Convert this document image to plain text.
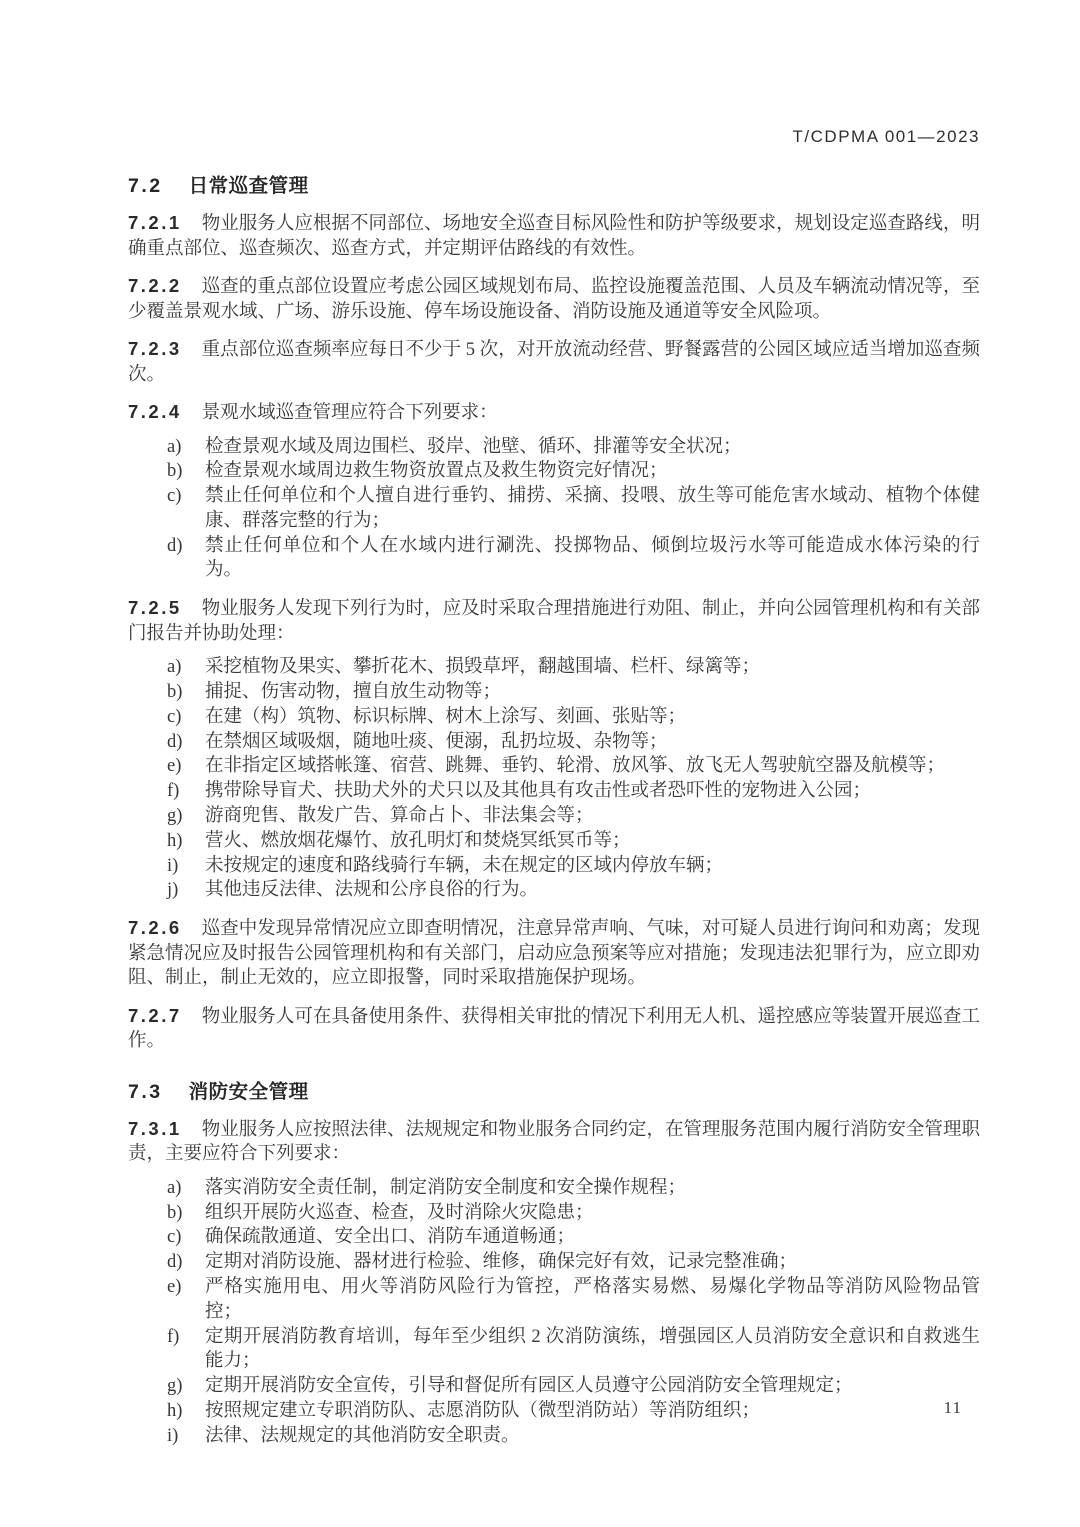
T/CDPMA 001—2023
7.2 日常巡查管理

7.2.1 物业服务人应根据不同部位、场地安全巡查目标风险性和防护等级要求，规划设定巡查路线，明确重点部位、巡查频次、巡查方式，并定期评估路线的有效性。

7.2.2 巡查的重点部位设置应考虑公园区域规划布局、监控设施覆盖范围、人员及车辆流动情况等，至少覆盖景观水域、广场、游乐设施、停车场设施设备、消防设施及通道等安全风险项。

7.2.3 重点部位巡查频率应每日不少于 5 次，对开放流动经营、野餐露营的公园区域应适当增加巡查频次。

7.2.4 景观水域巡查管理应符合下列要求：

a) 检查景观水域及周边围栏、驳岸、池壁、循环、排灌等安全状况；
b) 检查景观水域周边救生物资放置点及救生物资完好情况；
c) 禁止任何单位和个人擅自进行垂钓、捕捞、采摘、投喂、放生等可能危害水域动、植物个体健康、群落完整的行为；
d) 禁止任何单位和个人在水域内进行涮洗、投掷物品、倾倒垃圾污水等可能造成水体污染的行为。

7.2.5 物业服务人发现下列行为时，应及时采取合理措施进行劝阻、制止，并向公园管理机构和有关部门报告并协助处理：

a) 采挖植物及果实、攀折花木、损毁草坪，翻越围墙、栏杆、绿篱等；
b) 捕捉、伤害动物，擅自放生动物等；
c) 在建（构）筑物、标识标牌、树木上涂写、刻画、张贴等；
d) 在禁烟区域吸烟，随地吐痰、便溺，乱扔垃圾、杂物等；
e) 在非指定区域搭帐篷、宿营、跳舞、垂钓、轮滑、放风筝、放飞无人驾驶航空器及航模等；
f) 携带除导盲犬、扶助犬外的犬只以及其他具有攻击性或者恐吓性的宠物进入公园；
g) 游商兜售、散发广告、算命占卜、非法集会等；
h) 营火、燃放烟花爆竹、放孔明灯和焚烧冥纸冥币等；
i) 未按规定的速度和路线骑行车辆，未在规定的区域内停放车辆；
j) 其他违反法律、法规和公序良俗的行为。

7.2.6 巡查中发现异常情况应立即查明情况，注意异常声响、气味，对可疑人员进行询问和劝离；发现紧急情况应及时报告公园管理机构和有关部门，启动应急预案等应对措施；发现违法犯罪行为，应立即劝阻、制止，制止无效的，应立即报警，同时采取措施保护现场。

7.2.7 物业服务人可在具备使用条件、获得相关审批的情况下利用无人机、遥控感应等装置开展巡查工作。

7.3 消防安全管理

7.3.1 物业服务人应按照法律、法规规定和物业服务合同约定，在管理服务范围内履行消防安全管理职责，主要应符合下列要求：

a) 落实消防安全责任制，制定消防安全制度和安全操作规程；
b) 组织开展防火巡查、检查，及时消除火灾隐患；
c) 确保疏散通道、安全出口、消防车通道畅通；
d) 定期对消防设施、器材进行检验、维修，确保完好有效，记录完整准确；
e) 严格实施用电、用火等消防风险行为管控，严格落实易燃、易爆化学物品等消防风险物品管控；
f) 定期开展消防教育培训，每年至少组织 2 次消防演练，增强园区人员消防安全意识和自救逃生能力；
g) 定期开展消防安全宣传，引导和督促所有园区人员遵守公园消防安全管理规定；
h) 按照规定建立专职消防队、志愿消防队（微型消防站）等消防组织；
i) 法律、法规规定的其他消防安全职责。
11
